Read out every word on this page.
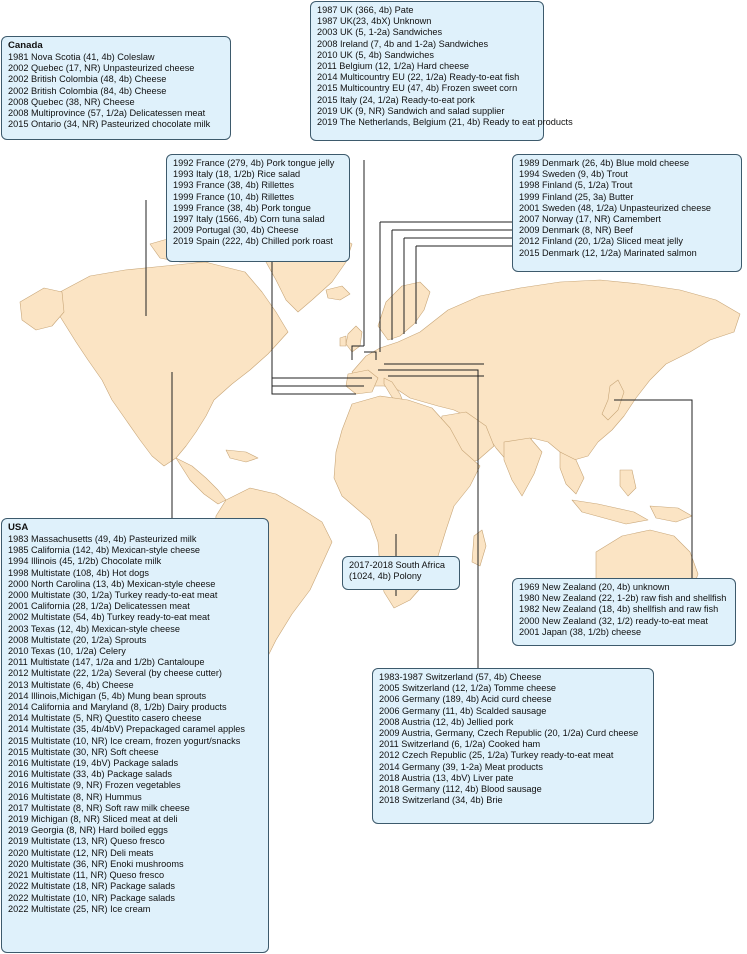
1987 UK (366, 4b) Pate
1987 UK(23, 4bX) Unknown
2003 UK (5, 1-2a) Sandwiches
2008 Ireland (7, 4b and 1-2a) Sandwiches
2010 UK (5, 4b) Sandwiches
2011 Belgium (12, 1/2a) Hard cheese
2014 Multicountry EU (22, 1/2a) Ready-to-eat fish
2015 Multicountry EU (47, 4b) Frozen sweet corn
2015 Italy (24, 1/2a) Ready-to-eat pork
2019 UK (9, NR) Sandwich and salad supplier
2019 The Netherlands, Belgium (21, 4b) Ready to eat products
Canada
1981 Nova Scotia (41, 4b) Coleslaw
2002 Quebec (17, NR) Unpasteurized cheese
2002 British Colombia (48, 4b) Cheese
2002 British Colombia (84, 4b) Cheese
2008 Quebec (38, NR) Cheese
2008 Multiprovince (57, 1/2a) Delicatessen meat
2015 Ontario (34, NR) Pasteurized chocolate milk
1992 France (279, 4b) Pork tongue jelly
1993 Italy (18, 1/2b) Rice salad
1993 France (38, 4b) Rillettes
1999 France (10, 4b) Rillettes
1999 France (38, 4b) Pork tongue
1997 Italy (1566, 4b) Corn tuna salad
2009 Portugal (30, 4b) Cheese
2019 Spain (222, 4b) Chilled pork roast
1989 Denmark (26, 4b) Blue mold cheese
1994 Sweden (9, 4b) Trout
1998 Finland (5, 1/2a) Trout
1999 Finland (25, 3a) Butter
2001 Sweden (48, 1/2a) Unpasteurized cheese
2007 Norway (17, NR) Camembert
2009 Denmark (8, NR) Beef
2012 Finland (20, 1/2a) Sliced meat jelly
2015 Denmark (12, 1/2a) Marinated salmon
USA
1983 Massachusetts (49, 4b) Pasteurized milk
1985 California (142, 4b) Mexican-style cheese
1994 Illinois (45, 1/2b) Chocolate milk
1998 Multistate (108, 4b) Hot dogs
2000 North Carolina (13, 4b) Mexican-style cheese
2000 Multistate (30, 1/2a) Turkey ready-to-eat meat
2001 California (28, 1/2a) Delicatessen meat
2002 Multistate (54, 4b) Turkey ready-to-eat meat
2003 Texas (12, 4b) Mexican-style cheese
2008 Multistate (20, 1/2a) Sprouts
2010 Texas (10, 1/2a) Celery
2011 Multistate (147, 1/2a and 1/2b) Cantaloupe
2012 Multistate (22, 1/2a) Several (by cheese cutter)
2013 Multistate (6, 4b) Cheese
2014 Illinois,Michigan (5, 4b) Mung bean sprouts
2014 California and Maryland (8, 1/2b) Dairy products
2014 Multistate (5, NR) Questito casero cheese
2014 Multistate (35, 4b/4bV) Prepackaged caramel apples
2015 Multistate (10, NR) Ice cream, frozen yogurt/snacks
2015 Multistate (30, NR) Soft cheese
2016 Multistate (19, 4bV) Package salads
2016 Multistate (33, 4b) Package salads
2016 Multistate (9, NR) Frozen vegetables
2016 Multistate (8, NR) Hummus
2017 Multistate (8, NR) Soft raw milk cheese
2019 Michigan (8, NR) Sliced meat at deli
2019 Georgia (8, NR) Hard boiled eggs
2019 Multistate (13, NR) Queso fresco
2020 Multistate (12, NR) Deli meats
2020 Multistate (36, NR) Enoki mushrooms
2021 Multistate (11, NR) Queso fresco
2022 Multistate (18, NR) Package salads
2022 Multistate (10, NR) Package salads
2022 Multistate (25, NR) Ice cream
2017-2018 South Africa
(1024, 4b) Polony
1969 New Zealand (20, 4b) unknown
1980 New Zealand (22, 1-2b) raw fish and shellfish
1982 New Zealand (18, 4b) shellfish and raw fish
2000 New Zealand (32, 1/2) ready-to-eat meat
2001 Japan (38, 1/2b) cheese
1983-1987 Switzerland (57, 4b) Cheese
2005 Switzerland (12, 1/2a) Tomme cheese
2006 Germany (189, 4b) Acid curd cheese
2006 Germany (11, 4b) Scalded sausage
2008 Austria (12, 4b) Jellied pork
2009 Austria, Germany, Czech Republic (20, 1/2a) Curd cheese
2011 Switzerland (6, 1/2a) Cooked ham
2012 Czech Republic (25, 1/2a) Turkey ready-to-eat meat
2014 Germany (39, 1-2a) Meat products
2018 Austria (13, 4bV) Liver pate
2018 Germany (112, 4b) Blood sausage
2018 Switzerland (34, 4b) Brie
